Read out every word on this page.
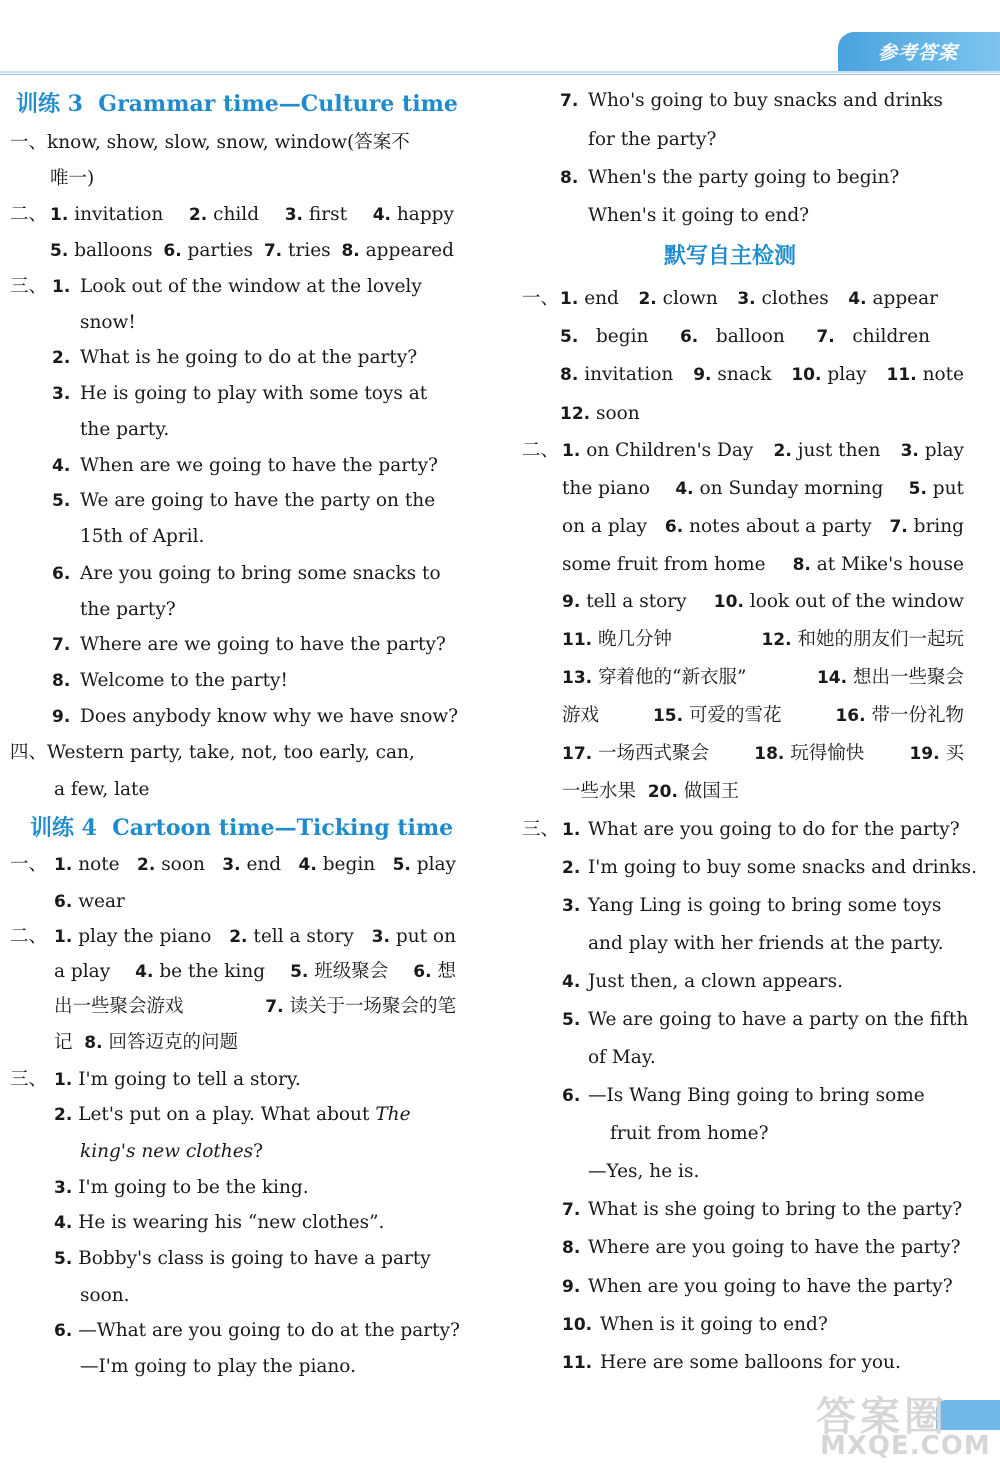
参考答案
训练 3 Grammar time—Culture time
一、know, show, slow, snow, window(答案不
唯一)
二、 1. invitation 2. child 3. first 4. happy
5. balloons 6. parties 7. tries 8. appeared
三、 1. Look out of the window at the lovely
snow!
2. What is he going to do at the party?
3. He is going to play with some toys at
the party.
4. When are we going to have the party?
5. We are going to have the party on the
15th of April.
6. Are you going to bring some snacks to
the party?
7. Where are we going to have the party?
8. Welcome to the party!
9. Does anybody know why we have snow?
四、Western party, take, not, too early, can,
a few, late
训练 4 Cartoon time—Ticking time
一、 1. note 2. soon 3. end 4. begin 5. play
6. wear
二、 1. play the piano 2. tell a story 3. put on
a play 4. be the king 5. 班级聚会 6. 想
出一些聚会游戏	7. 读关于一场聚会的笔
记 8. 回答迈克的问题
三、 1. I'm going to tell a story.
2. Let's put on a play. What about The
king's new clothes?
3. I'm going to be the king.
4. He is wearing his “new clothes”.
5. Bobby's class is going to have a party
soon.
6. —What are you going to do at the party?
—I'm going to play the piano.
7. Who's going to buy snacks and drinks
for the party?
8. When's the party going to begin?
When's it going to end?
默写自主检测
一、 1. end 2. clown 3. clothes 4. appear
5. begin 6. balloon 7. children
8. invitation 9. snack 10. play 11. note
12. soon
二、 1. on Children's Day 2. just then 3. play
the piano 4. on Sunday morning 5. put
on a play 6. notes about a party 7. bring
some fruit from home 8. at Mike's house
9. tell a story 10. look out of the window
11. 晚几分钟	12. 和她的朋友们一起玩
13. 穿着他的“新衣服”	14. 想出一些聚会
游戏	15. 可爱的雪花	16. 带一份礼物
17. 一场西式聚会	18. 玩得愉快	19. 买
一些水果 20. 做国王
三、 1. What are you going to do for the party?
2. I'm going to buy some snacks and drinks.
3. Yang Ling is going to bring some toys
and play with her friends at the party.
4. Just then, a clown appears.
5. We are going to have a party on the fifth
of May.
6. —Is Wang Bing going to bring some
fruit from home?
—Yes, he is.
7. What is she going to bring to the party?
8. Where are you going to have the party?
9. When are you going to have the party?
10. When is it going to end?
11. Here are some balloons for you.
答案圈
MXQE.COM
